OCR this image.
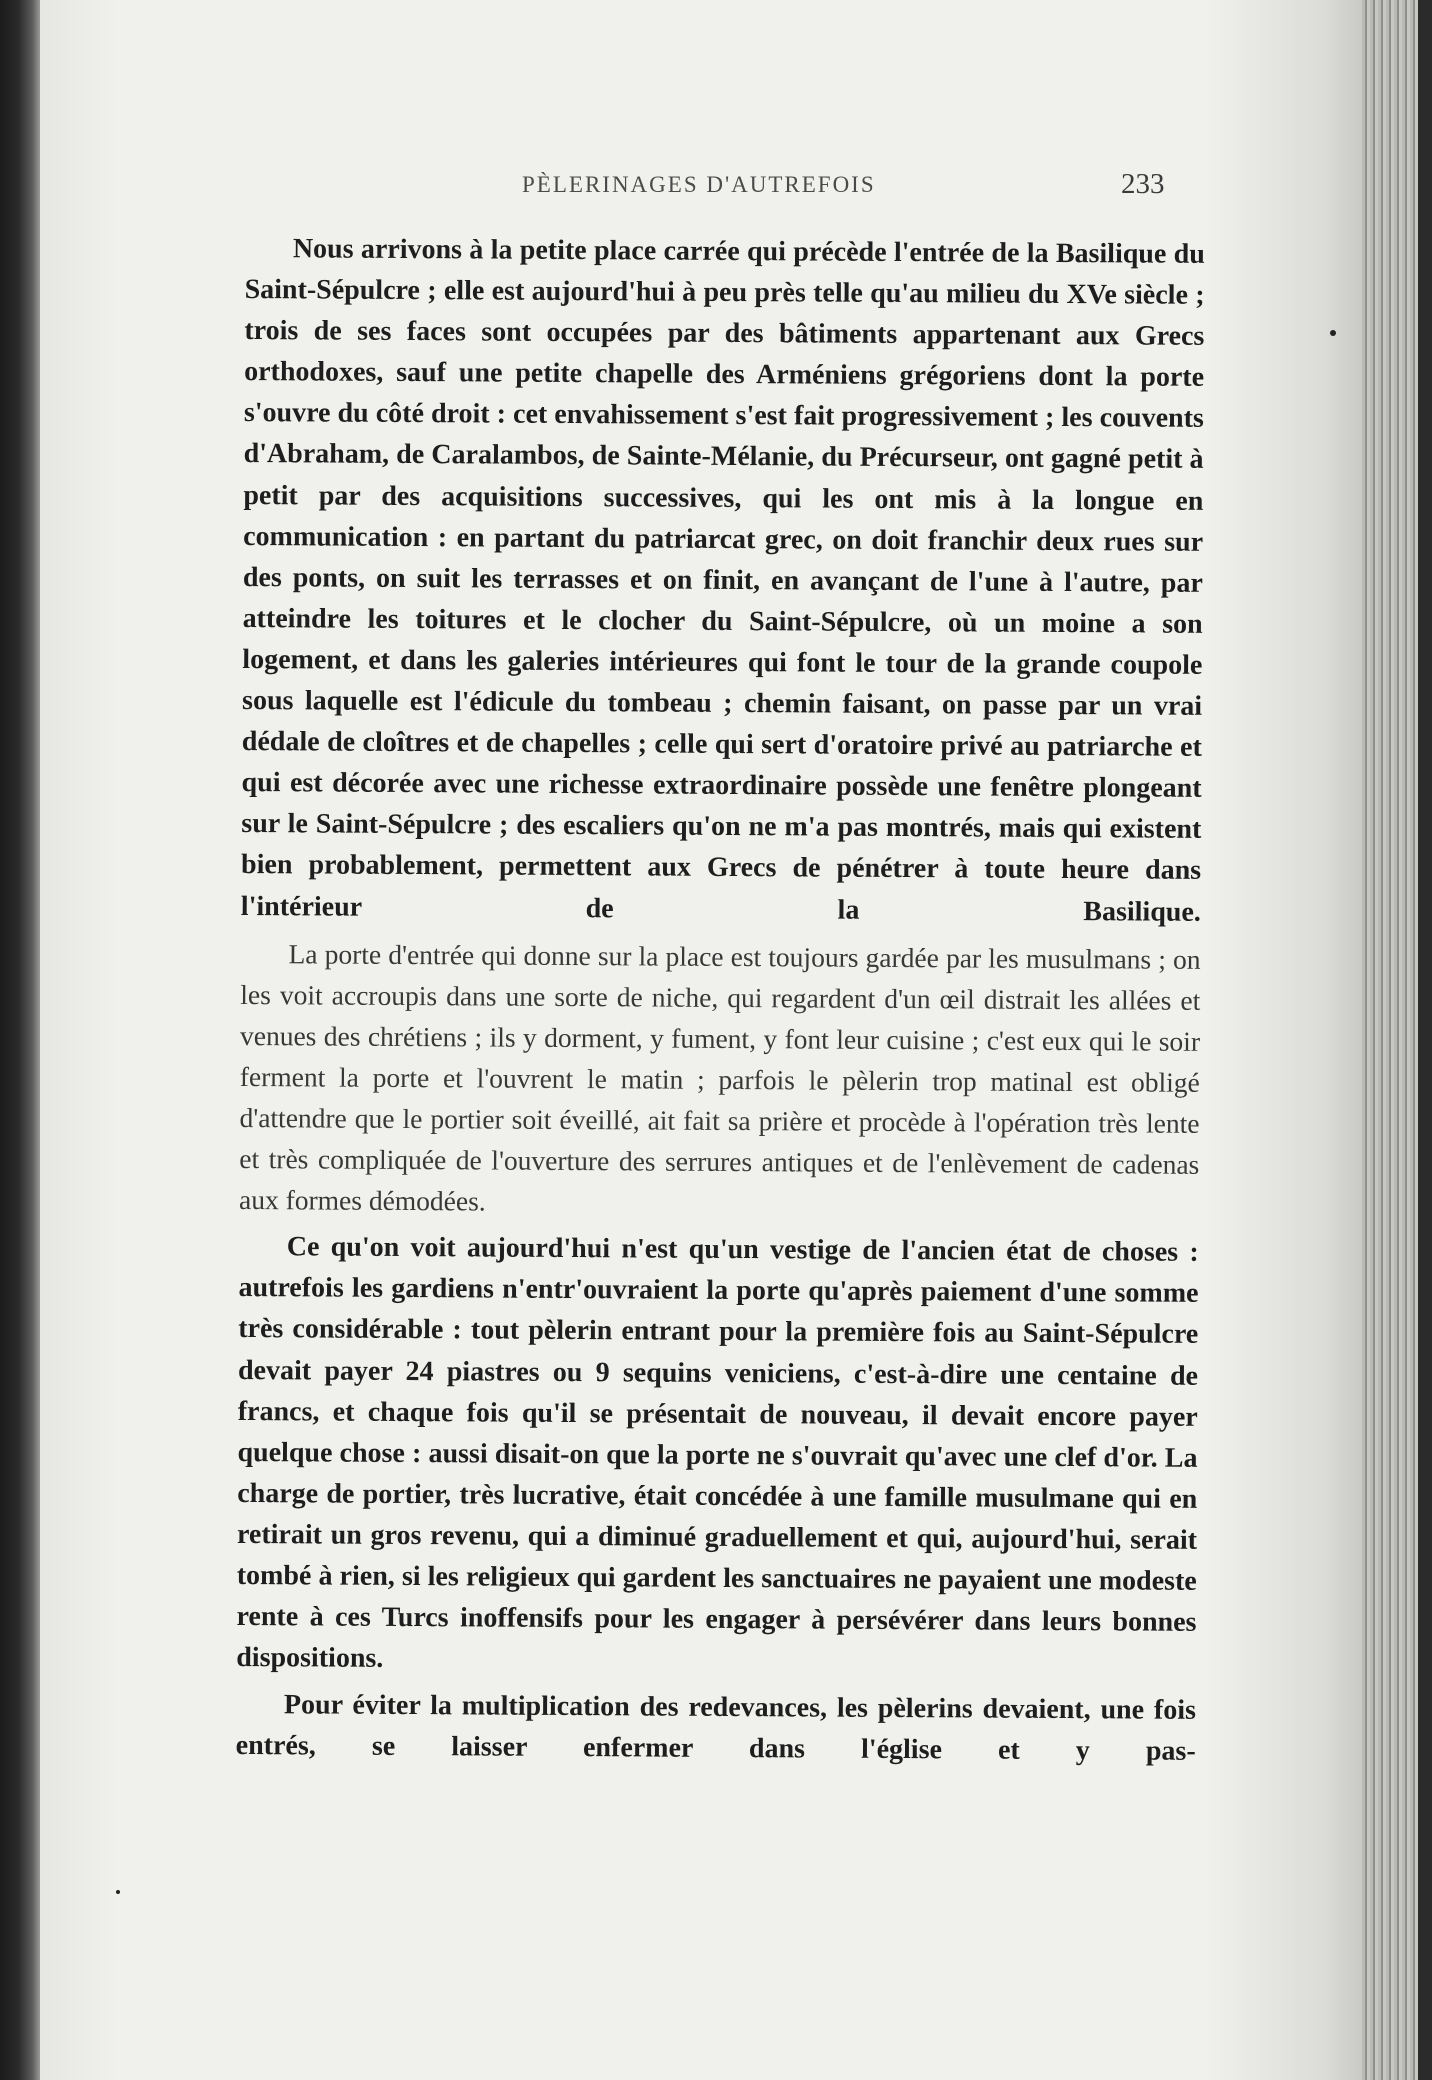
PÈLERINAGES D'AUTREFOIS	233

Nous arrivons à la petite place carrée qui précède l'entrée de la Basilique du Saint-Sépulcre ; elle est aujourd'hui à peu près telle qu'au milieu du XVe siècle ; trois de ses faces sont occupées par des bâtiments appartenant aux Grecs orthodoxes, sauf une petite chapelle des Arméniens grégoriens dont la porte s'ouvre du côté droit : cet envahissement s'est fait progressivement ; les couvents d'Abraham, de Caralambos, de Sainte-Mélanie, du Précurseur, ont gagné petit à petit par des acquisitions successives, qui les ont mis à la longue en communication : en partant du patriarcat grec, on doit franchir deux rues sur des ponts, on suit les terrasses et on finit, en avançant de l'une à l'autre, par atteindre les toitures et le clocher du Saint-Sépulcre, où un moine a son logement, et dans les galeries intérieures qui font le tour de la grande coupole sous laquelle est l'édicule du tombeau ; chemin faisant, on passe par un vrai dédale de cloîtres et de chapelles ; celle qui sert d'oratoire privé au patriarche et qui est décorée avec une richesse extraordinaire possède une fenêtre plongeant sur le Saint-Sépulcre ; des escaliers qu'on ne m'a pas montrés, mais qui existent bien probablement, permettent aux Grecs de pénétrer à toute heure dans l'intérieur de la Basilique.

La porte d'entrée qui donne sur la place est toujours gardée par les musulmans ; on les voit accroupis dans une sorte de niche, qui regardent d'un œil distrait les allées et venues des chrétiens ; ils y dorment, y fument, y font leur cuisine ; c'est eux qui le soir ferment la porte et l'ouvrent le matin ; parfois le pèlerin trop matinal est obligé d'attendre que le portier soit éveillé, ait fait sa prière et procède à l'opération très lente et très compliquée de l'ouverture des serrures antiques et de l'enlèvement de cadenas aux formes démodées.

Ce qu'on voit aujourd'hui n'est qu'un vestige de l'ancien état de choses : autrefois les gardiens n'entr'ouvraient la porte qu'après paiement d'une somme très considérable : tout pèlerin entrant pour la première fois au Saint-Sépulcre devait payer 24 piastres ou 9 sequins veniciens, c'est-à-dire une centaine de francs, et chaque fois qu'il se présentait de nouveau, il devait encore payer quelque chose : aussi disait-on que la porte ne s'ouvrait qu'avec une clef d'or. La charge de portier, très lucrative, était concédée à une famille musulmane qui en retirait un gros revenu, qui a diminué graduellement et qui, aujourd'hui, serait tombé à rien, si les religieux qui gardent les sanctuaires ne payaient une modeste rente à ces Turcs inoffensifs pour les engager à persévérer dans leurs bonnes dispositions.

Pour éviter la multiplication des redevances, les pèlerins devaient, une fois entrés, se laisser enfermer dans l'église et y pas-
